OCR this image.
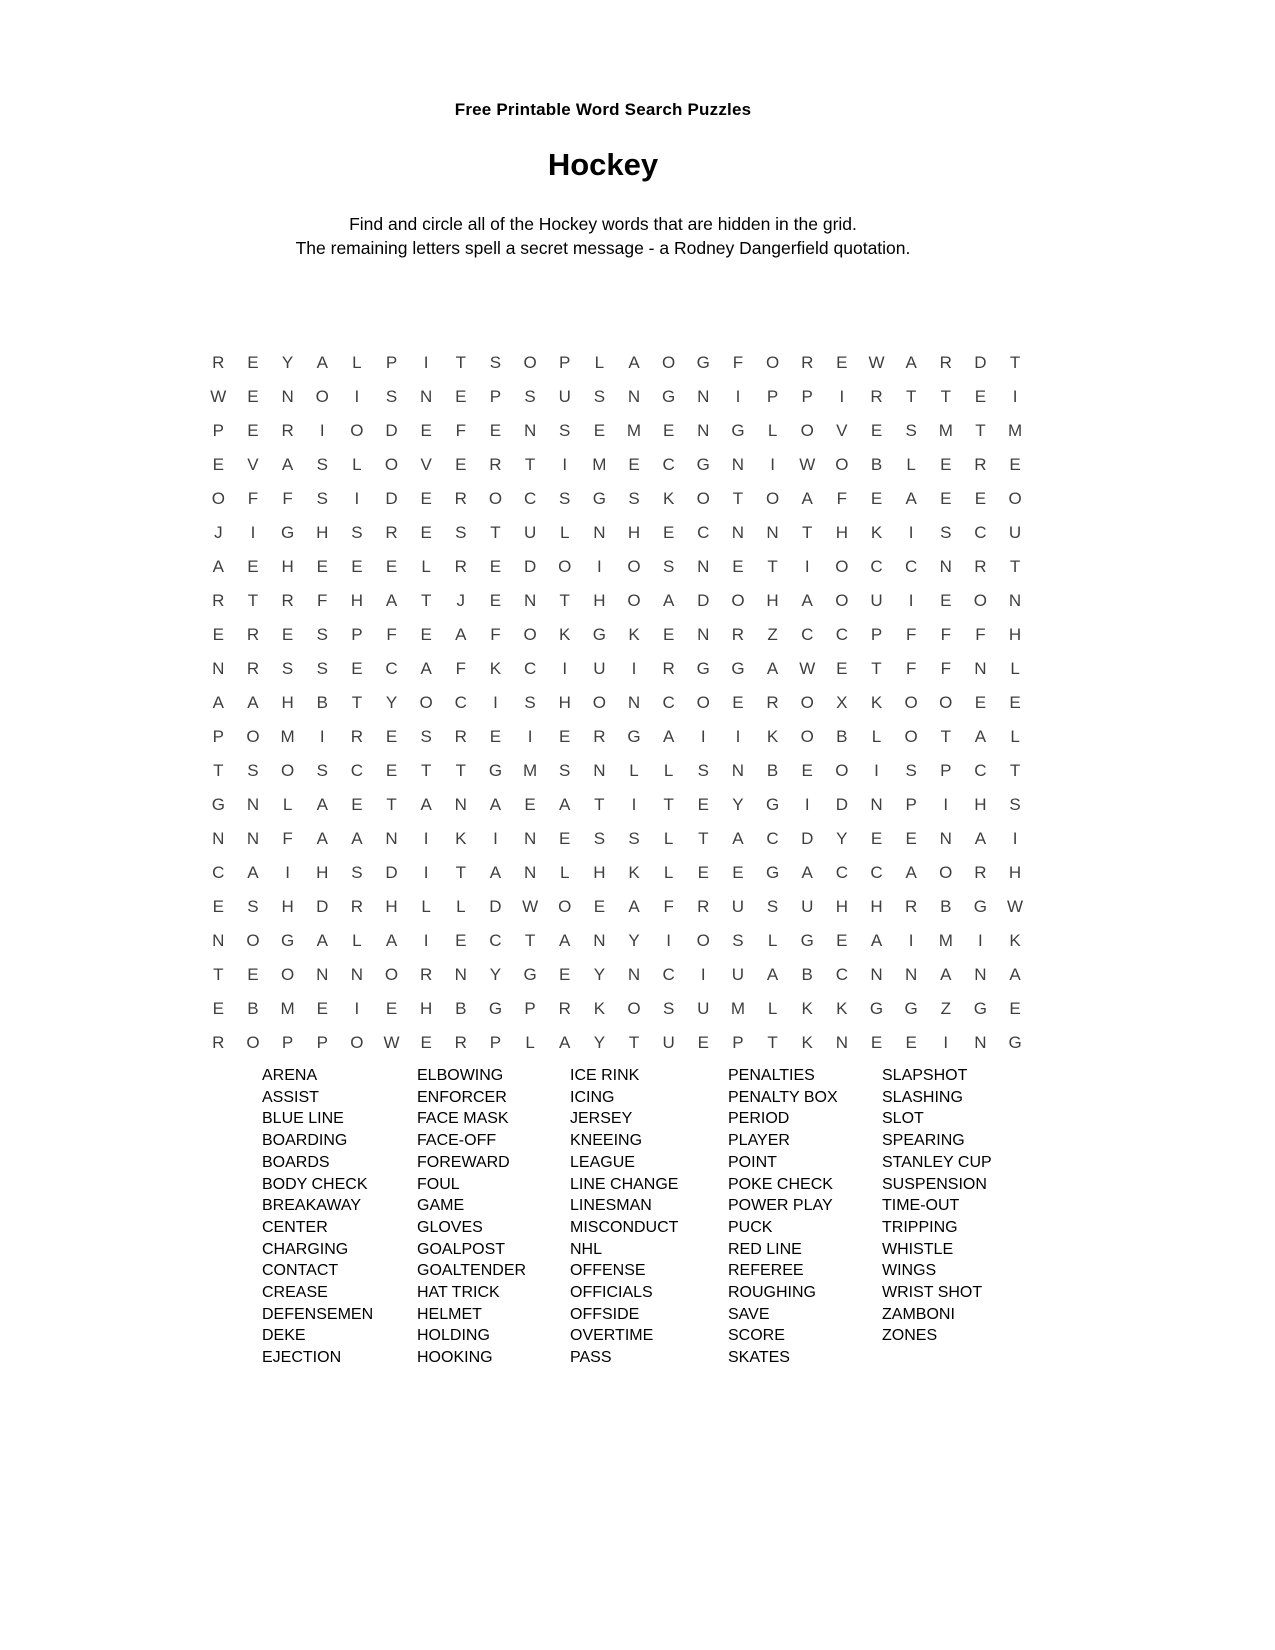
Free Printable Word Search Puzzles
Hockey
Find and circle all of the Hockey words that are hidden in the grid.
The remaining letters spell a secret message - a Rodney Dangerfield quotation.
R	E	Y	A	L	P	I	T	S	O	P	L	A	O	G	F	O	R	E	W	A	R	D	T
W	E	N	O	I	S	N	E	P	S	U	S	N	G	N	I	P	P	I	R	T	T	E	I
P	E	R	I	O	D	E	F	E	N	S	E	M	E	N	G	L	O	V	E	S	M	T	M
E	V	A	S	L	O	V	E	R	T	I	M	E	C	G	N	I	W	O	B	L	E	R	E
O	F	F	S	I	D	E	R	O	C	S	G	S	K	O	T	O	A	F	E	A	E	E	O
J	I	G	H	S	R	E	S	T	U	L	N	H	E	C	N	N	T	H	K	I	S	C	U
A	E	H	E	E	E	L	R	E	D	O	I	O	S	N	E	T	I	O	C	C	N	R	T
R	T	R	F	H	A	T	J	E	N	T	H	O	A	D	O	H	A	O	U	I	E	O	N
E	R	E	S	P	F	E	A	F	O	K	G	K	E	N	R	Z	C	C	P	F	F	F	H
N	R	S	S	E	C	A	F	K	C	I	U	I	R	G	G	A	W	E	T	F	F	N	L
A	A	H	B	T	Y	O	C	I	S	H	O	N	C	O	E	R	O	X	K	O	O	E	E
P	O	M	I	R	E	S	R	E	I	E	R	G	A	I	I	K	O	B	L	O	T	A	L
T	S	O	S	C	E	T	T	G	M	S	N	L	L	S	N	B	E	O	I	S	P	C	T
G	N	L	A	E	T	A	N	A	E	A	T	I	T	E	Y	G	I	D	N	P	I	H	S
N	N	F	A	A	N	I	K	I	N	E	S	S	L	T	A	C	D	Y	E	E	N	A	I
C	A	I	H	S	D	I	T	A	N	L	H	K	L	E	E	G	A	C	C	A	O	R	H
E	S	H	D	R	H	L	L	D	W	O	E	A	F	R	U	S	U	H	H	R	B	G	W
N	O	G	A	L	A	I	E	C	T	A	N	Y	I	O	S	L	G	E	A	I	M	I	K
T	E	O	N	N	O	R	N	Y	G	E	Y	N	C	I	U	A	B	C	N	N	A	N	A
E	B	M	E	I	E	H	B	G	P	R	K	O	S	U	M	L	K	K	G	G	Z	G	E
R	O	P	P	O	W	E	R	P	L	A	Y	T	U	E	P	T	K	N	E	E	I	N	G
ARENA
ASSIST
BLUE LINE
BOARDING
BOARDS
BODY CHECK
BREAKAWAY
CENTER
CHARGING
CONTACT
CREASE
DEFENSEMEN
DEKE
EJECTION
ELBOWING
ENFORCER
FACE MASK
FACE-OFF
FOREWARD
FOUL
GAME
GLOVES
GOALPOST
GOALTENDER
HAT TRICK
HELMET
HOLDING
HOOKING
ICE RINK
ICING
JERSEY
KNEEING
LEAGUE
LINE CHANGE
LINESMAN
MISCONDUCT
NHL
OFFENSE
OFFICIALS
OFFSIDE
OVERTIME
PASS
PENALTIES
PENALTY BOX
PERIOD
PLAYER
POINT
POKE CHECK
POWER PLAY
PUCK
RED LINE
REFEREE
ROUGHING
SAVE
SCORE
SKATES
SLAPSHOT
SLASHING
SLOT
SPEARING
STANLEY CUP
SUSPENSION
TIME-OUT
TRIPPING
WHISTLE
WINGS
WRIST SHOT
ZAMBONI
ZONES
